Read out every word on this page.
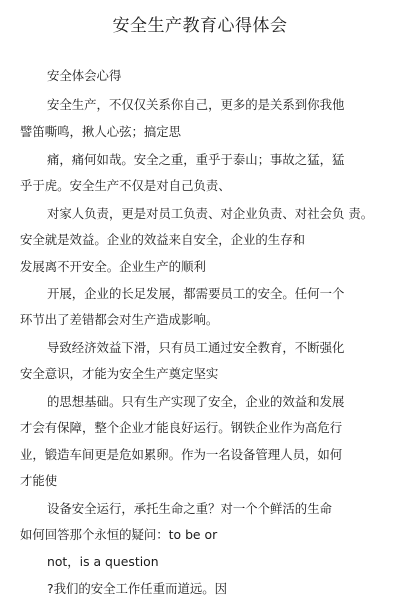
安全生产教育心得体会

安全体会心得

安全生产，不仅仅关系你自己，更多的是关系到你我他

譬笛嘶鸣，揪人心弦；搞定思

痛，痛何如哉。安全之重，重乎于泰山；事故之猛，猛

乎于虎。安全生产不仅是对自己负责、

对家人负责，更是对员工负责、对企业负责、对社会负 责。

安全就是效益。企业的效益来自安全，企业的生存和

发展离不开安全。企业生产的顺利

开展，企业的长足发展，都需要员工的安全。任何一个

环节出了差错都会对生产造成影响。

导致经济效益下滑，只有员工通过安全教育，不断强化

安全意识，才能为安全生产奠定坚实

的思想基础。只有生产实现了安全，企业的效益和发展

才会有保障，整个企业才能良好运行。钢铁企业作为高危行

业，锻造车间更是危如累卵。作为一名设备管理人员，如何

才能使

设备安全运行，承托生命之重？对一个个鲜活的生命

如何回答那个永恒的疑问：to be or

not，is a question

?我们的安全工作任重而道远。因
